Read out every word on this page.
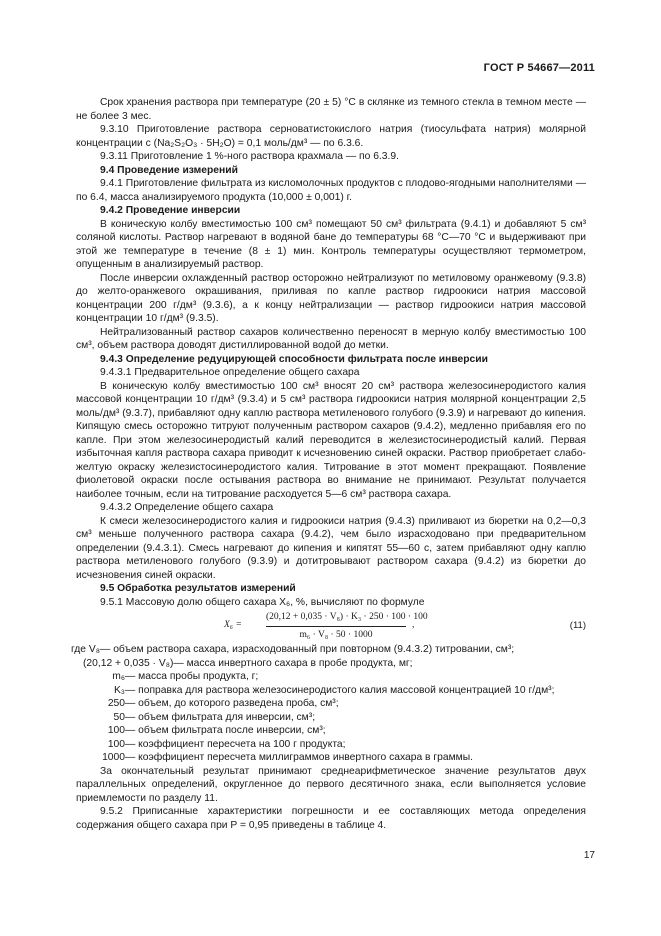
ГОСТ Р 54667—2011

Срок хранения раствора при температуре (20 ± 5) °С в склянке из темного стекла в темном месте — не более 3 мес.

9.3.10 Приготовление раствора серноватистокислого натрия (тиосульфата натрия) молярной концентрации c (Na₂S₂O₃ · 5H₂O) = 0,1 моль/дм³ — по 6.3.6.

9.3.11 Приготовление 1 %-ного раствора крахмала — по 6.3.9.

9.4 Проведение измерений

9.4.1 Приготовление фильтрата из кисломолочных продуктов с плодово-ягодными наполнителями — по 6.4, масса анализируемого продукта (10,000 ± 0,001) г.

9.4.2 Проведение инверсии

В коническую колбу вместимостью 100 см³ помещают 50 см³ фильтрата (9.4.1) и добавляют 5 см³ соляной кислоты. Раствор нагревают в водяной бане до температуры 68 °С—70 °С и выдерживают при этой же температуре в течение (8 ± 1) мин. Контроль температуры осуществляют термометром, опущенным в анализируемый раствор.

После инверсии охлажденный раствор осторожно нейтрализуют по метиловому оранжевому (9.3.8) до желто-оранжевого окрашивания, приливая по капле раствор гидроокиси натрия массовой концентрации 200 г/дм³ (9.3.6), а к концу нейтрализации — раствор гидроокиси натрия массовой концентрации 10 г/дм³ (9.3.5).

Нейтрализованный раствор сахаров количественно переносят в мерную колбу вместимостью 100 см³, объем раствора доводят дистиллированной водой до метки.

9.4.3 Определение редуцирующей способности фильтрата после инверсии

9.4.3.1 Предварительное определение общего сахара

В коническую колбу вместимостью 100 см³ вносят 20 см³ раствора железосинеродистого калия массовой концентрации 10 г/дм³ (9.3.4) и 5 см³ раствора гидроокиси натрия молярной концентрации 2,5 моль/дм³ (9.3.7), прибавляют одну каплю раствора метиленового голубого (9.3.9) и нагревают до кипения. Кипящую смесь осторожно титруют полученным раствором сахаров (9.4.2), медленно прибавляя его по капле. При этом железосинеродистый калий переводится в железистосинеродистый калий. Первая избыточная капля раствора сахара приводит к исчезновению синей окраски. Раствор приобретает слабо-желтую окраску железистосинеродистого калия. Титрование в этот момент прекращают. Появление фиолетовой окраски после остывания раствора во внимание не принимают. Результат получается наиболее точным, если на титрование расходуется 5—6 см³ раствора сахара.

9.4.3.2 Определение общего сахара

К смеси железосинеродистого калия и гидроокиси натрия (9.4.3) приливают из бюретки на 0,2—0,3 см³ меньше полученного раствора сахара (9.4.2), чем было израсходовано при предварительном определении (9.4.3.1). Смесь нагревают до кипения и кипятят 55—60 с, затем прибавляют одну каплю раствора метиленового голубого (9.3.9) и дотитровывают раствором сахара (9.4.2) из бюретки до исчезновения синей окраски.

9.5 Обработка результатов измерений

9.5.1 Массовую долю общего сахара X₆, %, вычисляют по формуле

X₆ =	$\frac{\text{(20,12 + 0,035 · V₈) · K₃ · 250 · 100 · 100}}{\text{m₆ · V₈ · 50 · 1000}}$ ,	(11)
где V₈ — объем раствора сахара, израсходованный при повторном (9.4.3.2) титровании, см³;
(20,12 + 0,035 · V₈) — масса инвертного сахара в пробе продукта, мг;
m₆ — масса пробы продукта, г;
K₃ — поправка для раствора железосинеродистого калия массовой концентрацией 10 г/дм³;
250 — объем, до которого разведена проба, см³;
50 — объем фильтрата для инверсии, см³;
100 — объем фильтрата после инверсии, см³;
100 — коэффициент пересчета на 100 г продукта;
1000 — коэффициент пересчета миллиграммов инвертного сахара в граммы.

За окончательный результат принимают среднеарифметическое значение результатов двух параллельных определений, округленное до первого десятичного знака, если выполняется условие приемлемости по разделу 11.

9.5.2 Приписанные характеристики погрешности и ее составляющих метода определения содержания общего сахара при P = 0,95 приведены в таблице 4.

17
